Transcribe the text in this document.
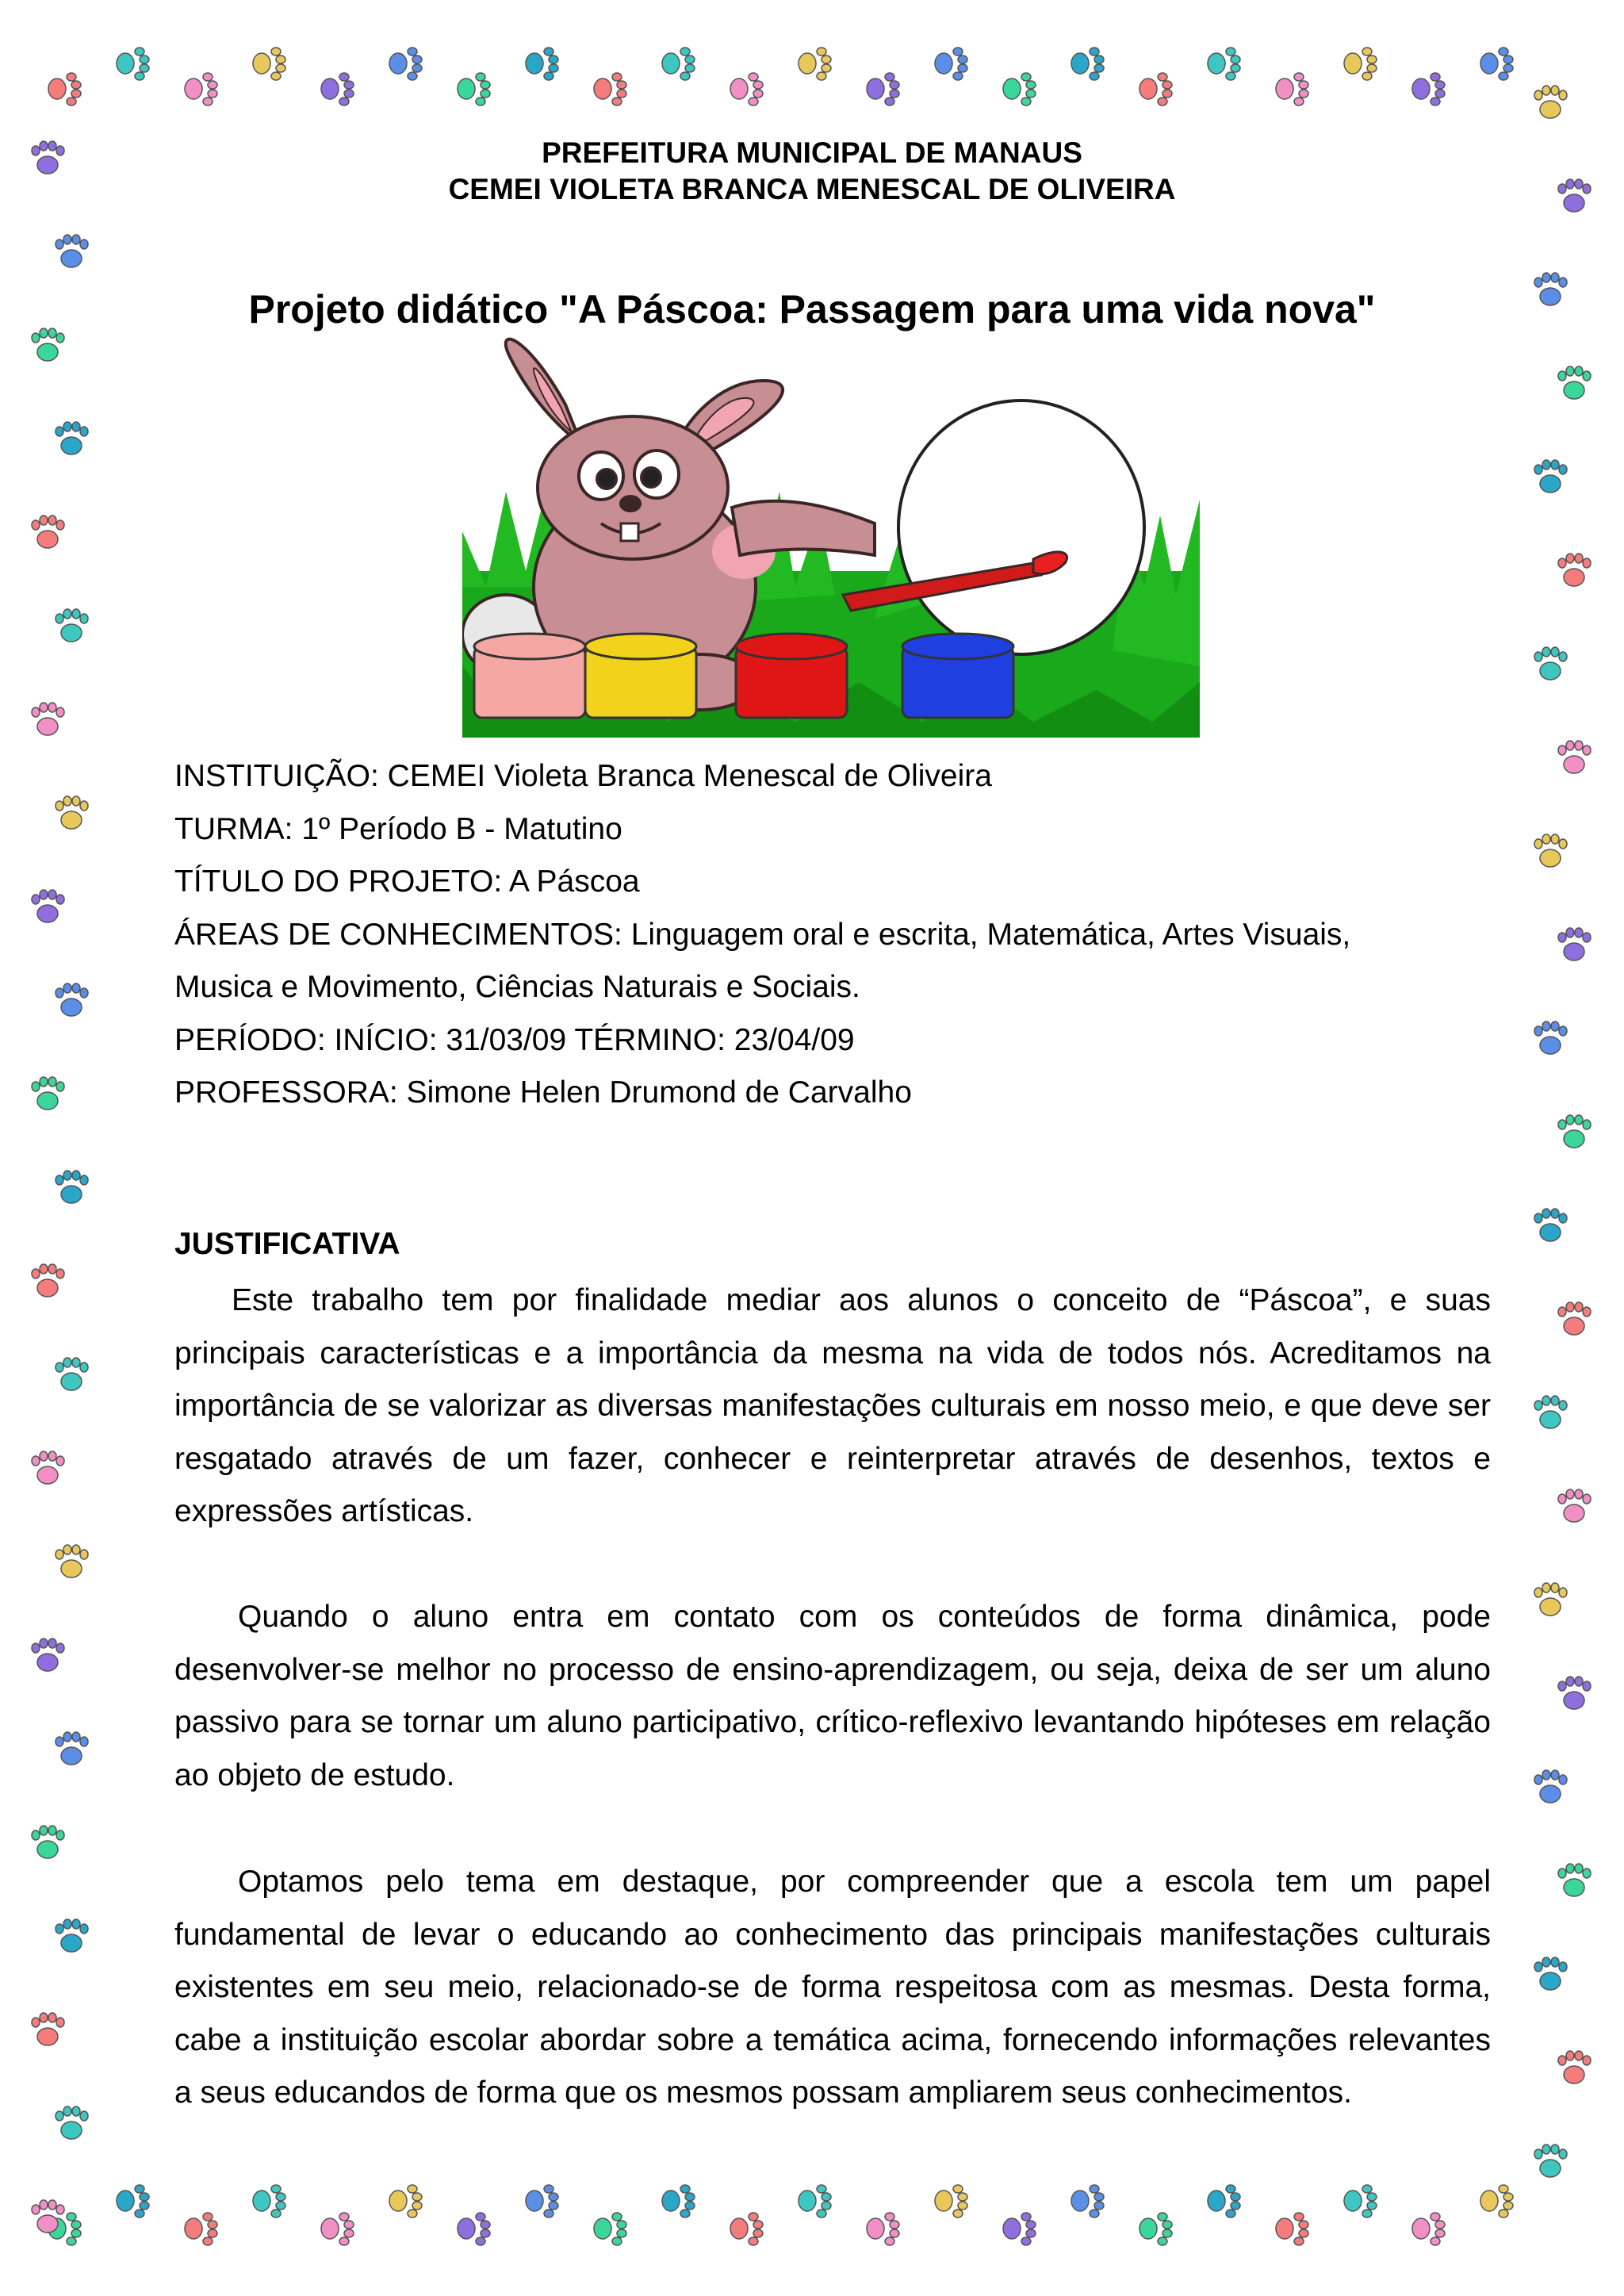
PREFEITURA MUNICIPAL DE MANAUS
CEMEI VIOLETA BRANCA MENESCAL DE OLIVEIRA
Projeto didático "A Páscoa: Passagem para uma vida nova"
INSTITUIÇÃO: CEMEI Violeta Branca Menescal de Oliveira
TURMA: 1º Período B - Matutino
TÍTULO DO PROJETO: A Páscoa
ÁREAS DE CONHECIMENTOS: Linguagem oral e escrita, Matemática, Artes Visuais,
Musica e Movimento, Ciências Naturais e Sociais.
PERÍODO: INÍCIO: 31/03/09 TÉRMINO: 23/04/09
PROFESSORA: Simone Helen Drumond de Carvalho
JUSTIFICATIVA

Este trabalho tem por finalidade mediar aos alunos o conceito de “Páscoa”, e suas principais características e a importância da mesma na vida de todos nós. Acreditamos na importância de se valorizar as diversas manifestações culturais em nosso meio, e que deve ser resgatado através de um fazer, conhecer e reinterpretar através de desenhos, textos e expressões artísticas.

Quando o aluno entra em contato com os conteúdos de forma dinâmica, pode desenvolver-se melhor no processo de ensino-aprendizagem, ou seja, deixa de ser um aluno passivo para se tornar um aluno participativo, crítico-reflexivo levantando hipóteses em relação ao objeto de estudo.

Optamos pelo tema em destaque, por compreender que a escola tem um papel fundamental de levar o educando ao conhecimento das principais manifestações culturais existentes em seu meio, relacionado-se de forma respeitosa com as mesmas. Desta forma, cabe a instituição escolar abordar sobre a temática acima, fornecendo informações relevantes a seus educandos de forma que os mesmos possam ampliarem seus conhecimentos.
